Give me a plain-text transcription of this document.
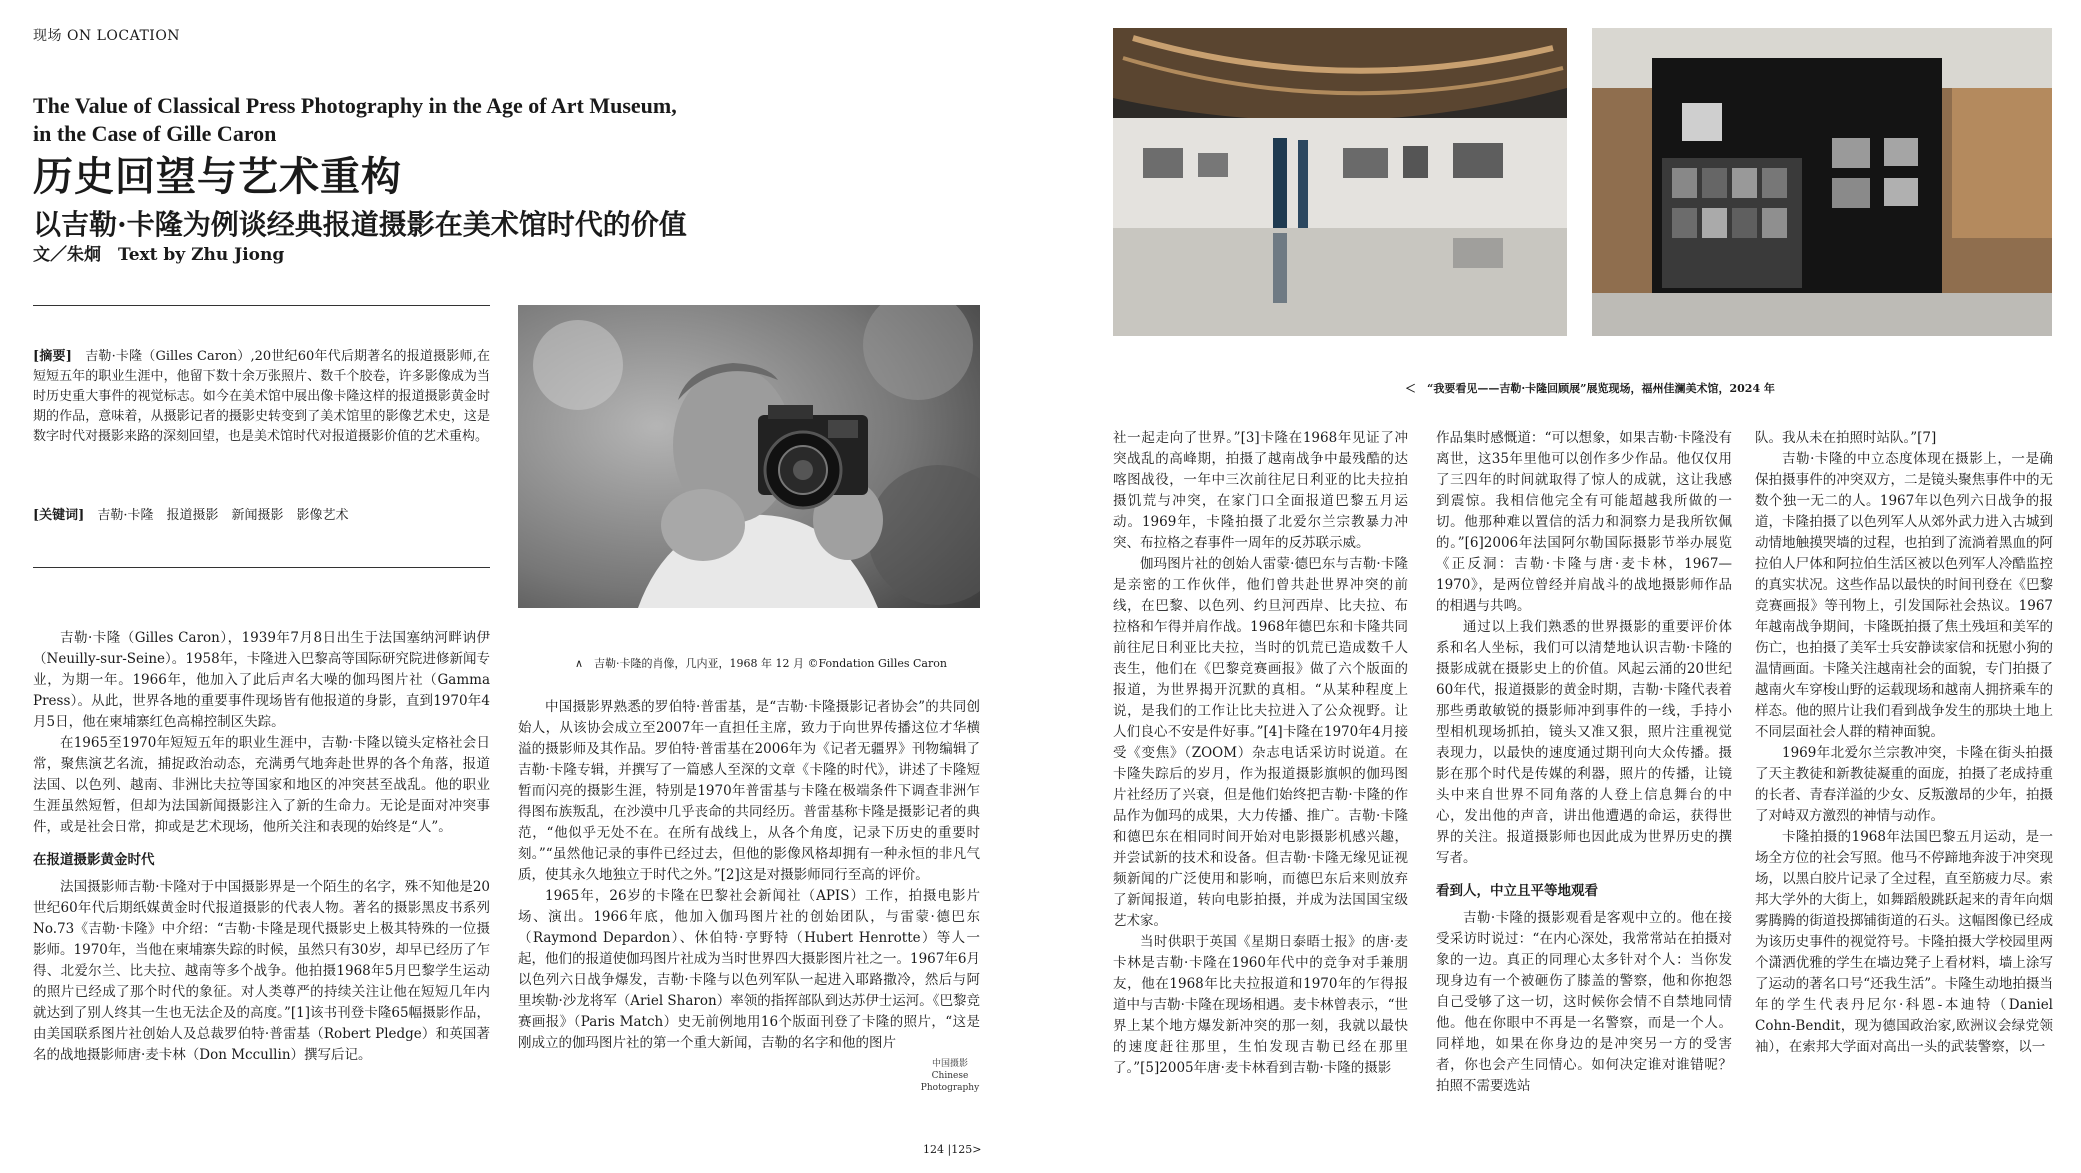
现场 ON LOCATION
The Value of Classical Press Photography in the Age of Art Museum,
in the Case of Gille Caron
历史回望与艺术重构
以吉勒·卡隆为例谈经典报道摄影在美术馆时代的价值
文／朱炯　Text by Zhu Jiong
[摘要]　吉勒·卡隆（Gilles Caron）,20世纪60年代后期著名的报道摄影师,在短短五年的职业生涯中，他留下数十余万张照片、数千个胶卷，许多影像成为当时历史重大事件的视觉标志。如今在美术馆中展出像卡隆这样的报道摄影黄金时期的作品，意味着，从摄影记者的摄影史转变到了美术馆里的影像艺术史，这是数字时代对摄影来路的深刻回望，也是美术馆时代对报道摄影价值的艺术重构。
[关键词]　吉勒·卡隆　报道摄影　新闻摄影　影像艺术
∧　吉勒·卡隆的肖像，几内亚，1968 年 12 月 ©Fondation Gilles Caron
＜　“我要看见——吉勒·卡隆回顾展”展览现场，福州佳澜美术馆，2024 年

吉勒·卡隆（Gilles Caron），1939年7月8日出生于法国塞纳河畔讷伊（Neuilly-sur-Seine）。1958年，卡隆进入巴黎高等国际研究院进修新闻专业，为期一年。1966年，他加入了此后声名大噪的伽玛图片社（Gamma Press）。从此，世界各地的重要事件现场皆有他报道的身影，直到1970年4月5日，他在柬埔寨红色高棉控制区失踪。

在1965至1970年短短五年的职业生涯中，吉勒·卡隆以镜头定格社会日常，聚焦演艺名流，捕捉政治动态，充满勇气地奔赴世界的各个角落，报道法国、以色列、越南、非洲比夫拉等国家和地区的冲突甚至战乱。他的职业生涯虽然短暂，但却为法国新闻摄影注入了新的生命力。无论是面对冲突事件，或是社会日常，抑或是艺术现场，他所关注和表现的始终是“人”。

在报道摄影黄金时代

法国摄影师吉勒·卡隆对于中国摄影界是一个陌生的名字，殊不知他是20世纪60年代后期纸媒黄金时代报道摄影的代表人物。著名的摄影黑皮书系列No.73《吉勒·卡隆》中介绍：“吉勒·卡隆是现代摄影史上极其特殊的一位摄影师。1970年，当他在柬埔寨失踪的时候，虽然只有30岁，却早已经历了乍得、北爱尔兰、比夫拉、越南等多个战争。他拍摄1968年5月巴黎学生运动的照片已经成了那个时代的象征。对人类尊严的持续关注让他在短短几年内就达到了别人终其一生也无法企及的高度。”[1]该书刊登卡隆65幅摄影作品，由美国联系图片社创始人及总裁罗伯特·普雷基（Robert Pledge）和英国著名的战地摄影师唐·麦卡林（Don Mccullin）撰写后记。

中国摄影界熟悉的罗伯特·普雷基，是“吉勒·卡隆摄影记者协会”的共同创始人，从该协会成立至2007年一直担任主席，致力于向世界传播这位才华横溢的摄影师及其作品。罗伯特·普雷基在2006年为《记者无疆界》刊物编辑了吉勒·卡隆专辑，并撰写了一篇感人至深的文章《卡隆的时代》，讲述了卡隆短暂而闪亮的摄影生涯，特别是1970年普雷基与卡隆在极端条件下调查非洲乍得图布族叛乱，在沙漠中几乎丧命的共同经历。普雷基称卡隆是摄影记者的典范，“他似乎无处不在。在所有战线上，从各个角度，记录下历史的重要时刻。”“虽然他记录的事件已经过去，但他的影像风格却拥有一种永恒的非凡气质，使其永久地独立于时代之外。”[2]这是对摄影师同行至高的评价。

1965年，26岁的卡隆在巴黎社会新闻社（APIS）工作，拍摄电影片场、演出。1966年底，他加入伽玛图片社的创始团队，与雷蒙·德巴东（Raymond Depardon）、休伯特·亨野特（Hubert Henrotte）等人一起，他们的报道使伽玛图片社成为当时世界四大摄影图片社之一。1967年6月以色列六日战争爆发，吉勒·卡隆与以色列军队一起进入耶路撒冷，然后与阿里埃勒·沙龙将军（Ariel Sharon）率领的指挥部队到达苏伊士运河。《巴黎竞赛画报》（Paris Match）史无前例地用16个版面刊登了卡隆的照片，“这是刚成立的伽玛图片社的第一个重大新闻，吉勒的名字和他的图片

中国摄影
Chinese
Photography

社一起走向了世界。”[3]卡隆在1968年见证了冲突战乱的高峰期，拍摄了越南战争中最残酷的达喀图战役，一年中三次前往尼日利亚的比夫拉拍摄饥荒与冲突，在家门口全面报道巴黎五月运动。1969年，卡隆拍摄了北爱尔兰宗教暴力冲突、布拉格之春事件一周年的反苏联示威。

伽玛图片社的创始人雷蒙·德巴东与吉勒·卡隆是亲密的工作伙伴，他们曾共赴世界冲突的前线，在巴黎、以色列、约旦河西岸、比夫拉、布拉格和乍得并肩作战。1968年德巴东和卡隆共同前往尼日利亚比夫拉，当时的饥荒已造成数千人丧生，他们在《巴黎竞赛画报》做了六个版面的报道，为世界揭开沉默的真相。“从某种程度上说，是我们的工作让比夫拉进入了公众视野。让人们良心不安是件好事。”[4]卡隆在1970年4月接受《变焦》（ZOOM）杂志电话采访时说道。在卡隆失踪后的岁月，作为报道摄影旗帜的伽玛图片社经历了兴衰，但是他们始终把吉勒·卡隆的作品作为伽玛的成果，大力传播、推广。吉勒·卡隆和德巴东在相同时间开始对电影摄影机感兴趣，并尝试新的技术和设备。但吉勒·卡隆无缘见证视频新闻的广泛使用和影响，而德巴东后来则放弃了新闻报道，转向电影拍摄，并成为法国国宝级艺术家。

当时供职于英国《星期日泰晤士报》的唐·麦卡林是吉勒·卡隆在1960年代中的竞争对手兼朋友，他在1968年比夫拉报道和1970年的乍得报道中与吉勒·卡隆在现场相遇。麦卡林曾表示，“世界上某个地方爆发新冲突的那一刻，我就以最快的速度赶往那里，生怕发现吉勒已经在那里了。”[5]2005年唐·麦卡林看到吉勒·卡隆的摄影

作品集时感慨道：“可以想象，如果吉勒·卡隆没有离世，这35年里他可以创作多少作品。他仅仅用了三四年的时间就取得了惊人的成就，这让我感到震惊。我相信他完全有可能超越我所做的一切。他那种难以置信的活力和洞察力是我所钦佩的。”[6]2006年法国阿尔勒国际摄影节举办展览《正反洞：吉勒·卡隆与唐·麦卡林，1967—1970》，是两位曾经并肩战斗的战地摄影师作品的相遇与共鸣。

通过以上我们熟悉的世界摄影的重要评价体系和名人坐标，我们可以清楚地认识吉勒·卡隆的摄影成就在摄影史上的价值。风起云涌的20世纪60年代，报道摄影的黄金时期，吉勒·卡隆代表着那些勇敢敏锐的摄影师冲到事件的一线，手持小型相机现场抓拍，镜头又准又狠，照片注重视觉表现力，以最快的速度通过期刊向大众传播。摄影在那个时代是传媒的利器，照片的传播，让镜头中来自世界不同角落的人登上信息舞台的中心，发出他的声音，讲出他遭遇的命运，获得世界的关注。报道摄影师也因此成为世界历史的撰写者。

看到人，中立且平等地观看

吉勒·卡隆的摄影观看是客观中立的。他在接受采访时说过：“在内心深处，我常常站在拍摄对象的一边。真正的同理心太多针对个人：当你发现身边有一个被砸伤了膝盖的警察，他和你抱怨自己受够了这一切，这时候你会情不自禁地同情他。他在你眼中不再是一名警察，而是一个人。同样地，如果在你身边的是冲突另一方的受害者，你也会产生同情心。如何决定谁对谁错呢？拍照不需要选站

队。我从未在拍照时站队。”[7]

吉勒·卡隆的中立态度体现在摄影上，一是确保拍摄事件的冲突双方，二是镜头聚焦事件中的无数个独一无二的人。1967年以色列六日战争的报道，卡隆拍摄了以色列军人从郊外武力进入古城到动情地触摸哭墙的过程，也拍到了流淌着黑血的阿拉伯人尸体和阿拉伯生活区被以色列军人冷酷监控的真实状况。这些作品以最快的时间刊登在《巴黎竞赛画报》等刊物上，引发国际社会热议。1967年越南战争期间，卡隆既拍摄了焦土残垣和美军的伤亡，也拍摄了美军士兵安静读家信和抚慰小狗的温情画面。卡隆关注越南社会的面貌，专门拍摄了越南火车穿梭山野的运载现场和越南人拥挤乘车的样态。他的照片让我们看到战争发生的那块土地上不同层面社会人群的精神面貌。

1969年北爱尔兰宗教冲突，卡隆在街头拍摄了天主教徒和新教徒凝重的面庞，拍摄了老成持重的长者、青春洋溢的少女、反叛激昂的少年，拍摄了对峙双方激烈的神情与动作。

卡隆拍摄的1968年法国巴黎五月运动，是一场全方位的社会写照。他马不停蹄地奔波于冲突现场，以黑白胶片记录了全过程，直至筋疲力尽。索邦大学外的大街上，如舞蹈般跳跃起来的青年向烟雾腾腾的街道投掷铺街道的石头。这幅图像已经成为该历史事件的视觉符号。卡隆拍摄大学校园里两个潇洒优雅的学生在墙边凳子上看材料，墙上涂写了运动的著名口号“还我生活”。卡隆生动地拍摄当年的学生代表丹尼尔·科恩-本迪特（Daniel Cohn-Bendit，现为德国政治家,欧洲议会绿党领袖），在索邦大学面对高出一头的武装警察，以一

124 |125>
